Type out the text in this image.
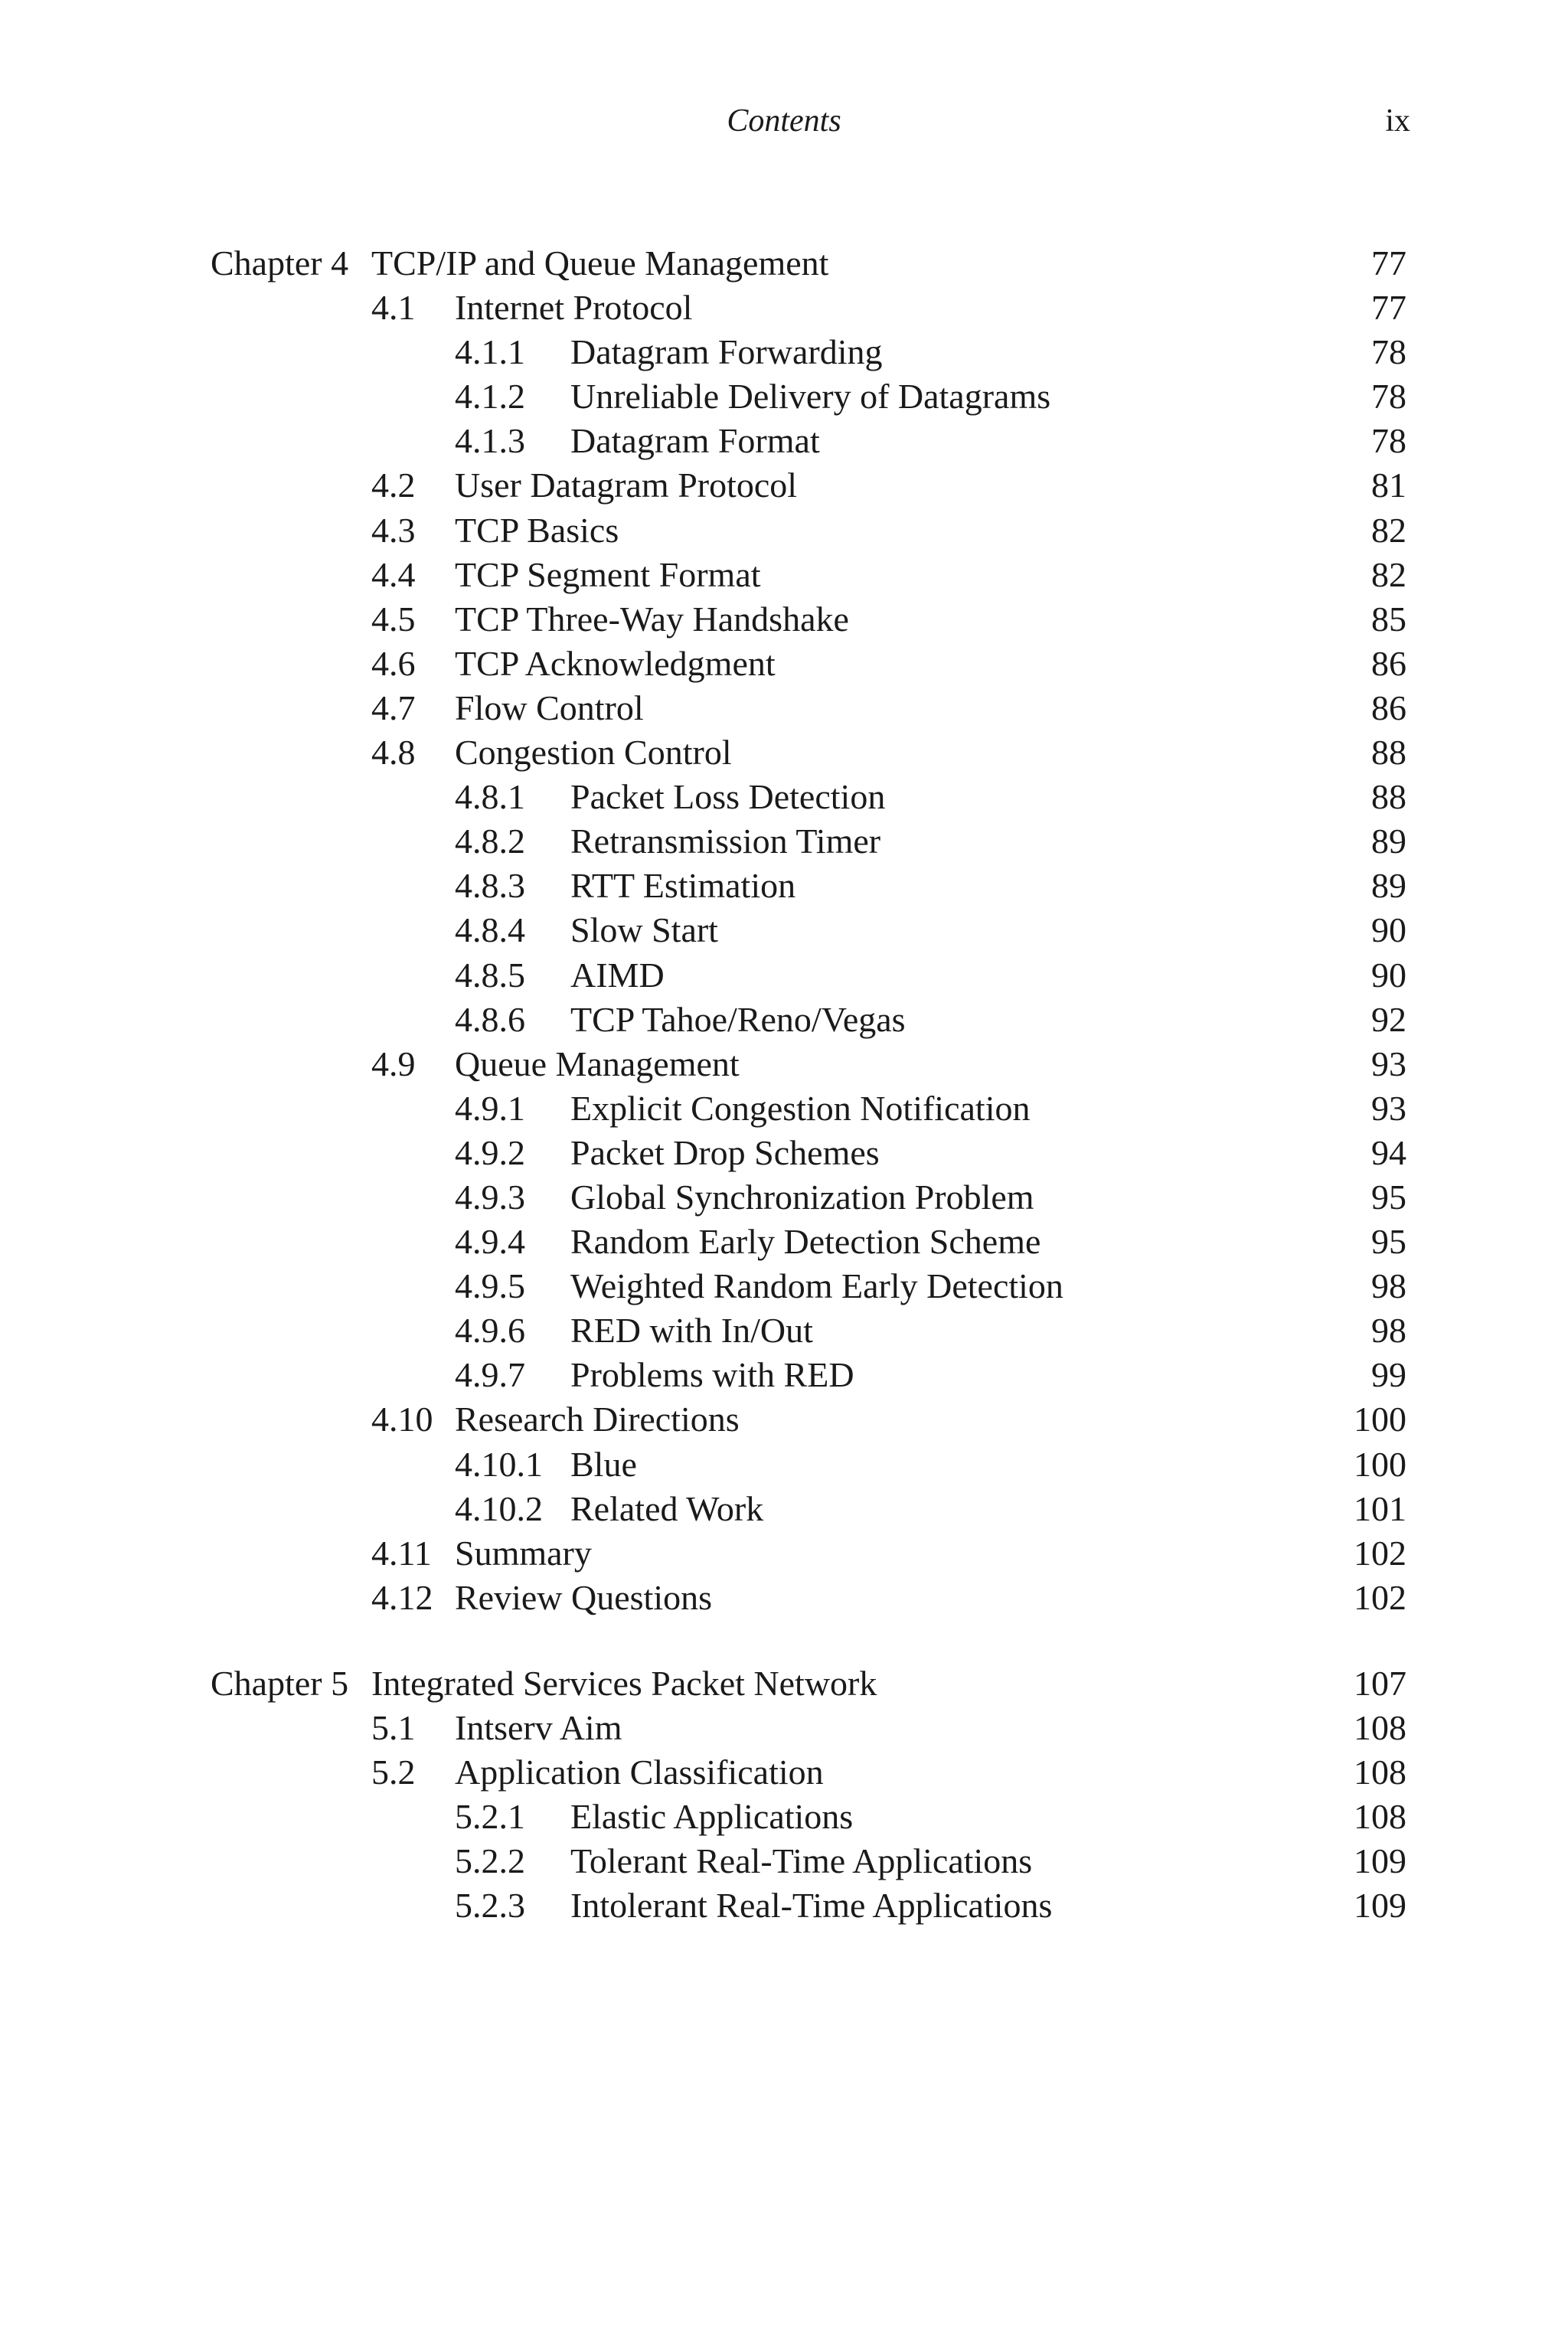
Contents	ix
Chapter 4 TCP/IP and Queue Management	77
4.1 Internet Protocol	77
4.1.1 Datagram Forwarding	78
4.1.2 Unreliable Delivery of Datagrams	78
4.1.3 Datagram Format	78
4.2 User Datagram Protocol	81
4.3 TCP Basics	82
4.4 TCP Segment Format	82
4.5 TCP Three-Way Handshake	85
4.6 TCP Acknowledgment	86
4.7 Flow Control	86
4.8 Congestion Control	88
4.8.1 Packet Loss Detection	88
4.8.2 Retransmission Timer	89
4.8.3 RTT Estimation	89
4.8.4 Slow Start	90
4.8.5 AIMD	90
4.8.6 TCP Tahoe/Reno/Vegas	92
4.9 Queue Management	93
4.9.1 Explicit Congestion Notification	93
4.9.2 Packet Drop Schemes	94
4.9.3 Global Synchronization Problem	95
4.9.4 Random Early Detection Scheme	95
4.9.5 Weighted Random Early Detection	98
4.9.6 RED with In/Out	98
4.9.7 Problems with RED	99
4.10 Research Directions	100
4.10.1 Blue	100
4.10.2 Related Work	101
4.11 Summary	102
4.12 Review Questions	102
Chapter 5 Integrated Services Packet Network	107
5.1 Intserv Aim	108
5.2 Application Classification	108
5.2.1 Elastic Applications	108
5.2.2 Tolerant Real-Time Applications	109
5.2.3 Intolerant Real-Time Applications	109
